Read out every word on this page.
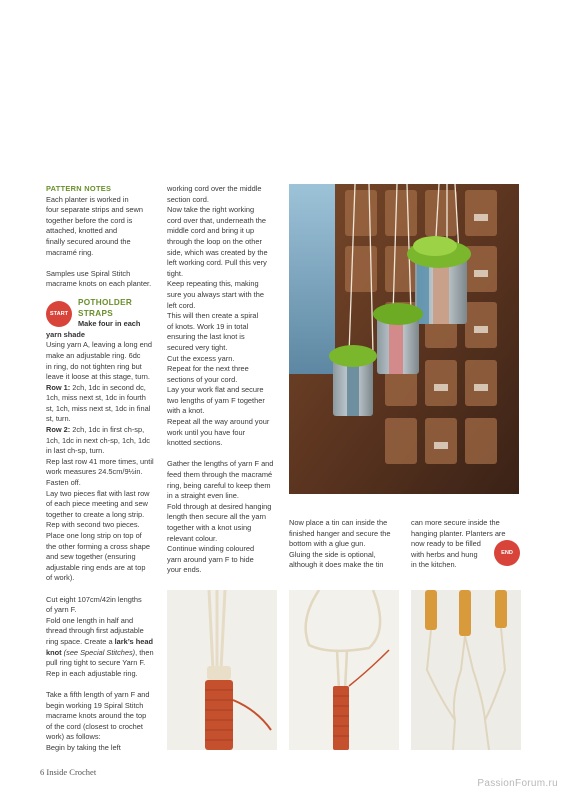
PATTERN NOTES

Each planter is worked in

four separate strips and sewn

together before the cord is

attached, knotted and

finally secured around the

macramé ring.

Samples use Spiral Stitch

macrame knots on each planter.

POTHOLDER

STRAPS

Make four in each

yarn shade

Using yarn A, leaving a long end

make an adjustable ring. 6dc

in ring, do not tighten ring but

leave it loose at this stage, turn.

Row 1: 2ch, 1dc in second dc,

1ch, miss next st, 1dc in fourth

st, 1ch, miss next st, 1dc in final

st, turn.

Row 2: 2ch, 1dc in first ch-sp,

1ch, 1dc in next ch-sp, 1ch, 1dc

in last ch-sp, turn.

Rep last row 41 more times, until

work measures 24.5cm/9½in.

Fasten off.

Lay two pieces flat with last row

of each piece meeting and sew

together to create a long strip.

Rep with second two pieces.

Place one long strip on top of

the other forming a cross shape

and sew together (ensuring

adjustable ring ends are at top

of work).

Cut eight 107cm/42in lengths

of yarn F.

Fold one length in half and

thread through first adjustable

ring space. Create a lark’s head

knot (see Special Stitches), then

pull ring tight to secure Yarn F.

Rep in each adjustable ring.

Take a fifth length of yarn F and

begin working 19 Spiral Stitch

macrame knots around the top

of the cord (closest to crochet

work) as follows:

Begin by taking the left

START

working cord over the middle

section cord.

Now take the right working

cord over that, underneath the

middle cord and bring it up

through the loop on the other

side, which was created by the

left working cord. Pull this very

tight.

Keep repeating this, making

sure you always start with the

left cord.

This will then create a spiral

of knots. Work 19 in total

ensuring the last knot is

secured very tight.

Cut the excess yarn.

Repeat for the next three

sections of your cord.

Lay your work flat and secure

two lengths of yarn F together

with a knot.

Repeat all the way around your

work until you have four

knotted sections.

Gather the lengths of yarn F and

feed them through the macramé

ring, being careful to keep them

in a straight even line.

Fold through at desired hanging

length then secure all the yarn

together with a knot using

relevant colour.

Continue winding coloured

yarn around yarn F to hide

your ends.

Now place a tin can inside the

finished hanger and secure the

bottom with a glue gun.

Gluing the side is optional,

although it does make the tin

can more secure inside the

hanging planter. Planters are

now ready to be filled

with herbs and hung

in the kitchen.

END
6 Inside Crochet
PassionForum.ru
